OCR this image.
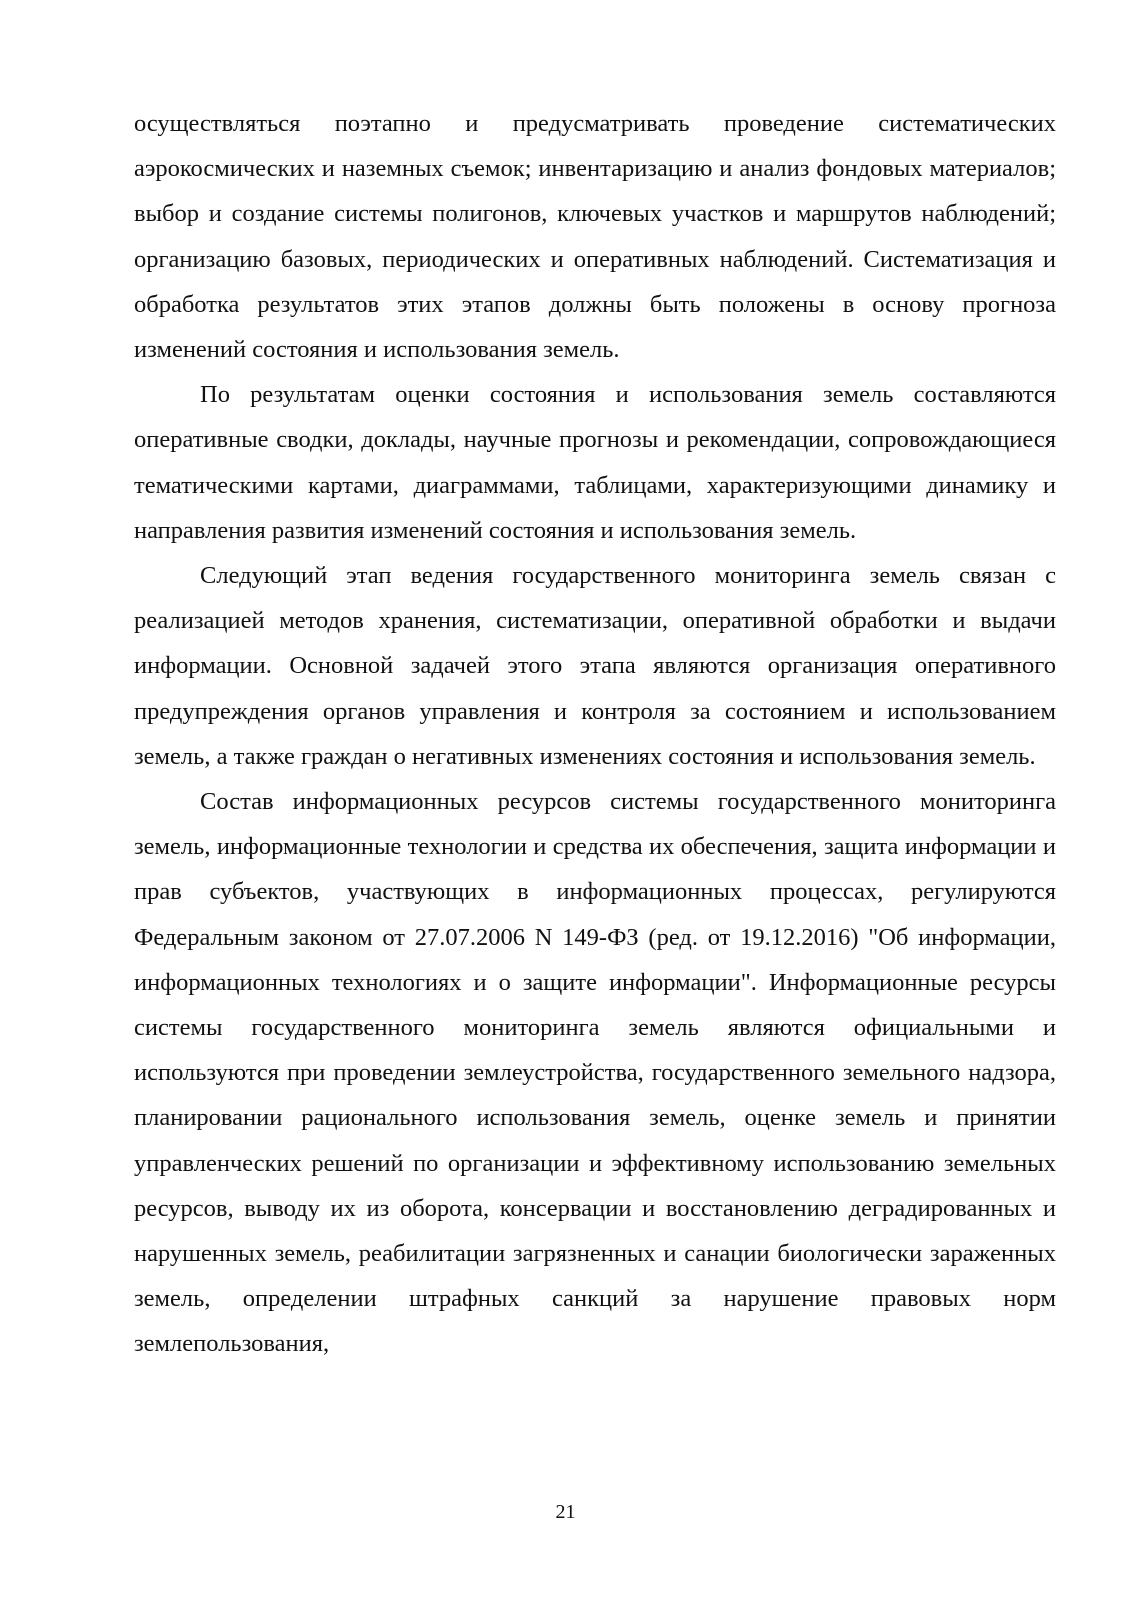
осуществляться поэтапно и предусматривать проведение систематических аэрокосмических и наземных съемок; инвентаризацию и анализ фондовых материалов; выбор и создание системы полигонов, ключевых участков и маршрутов наблюдений; организацию базовых, периодических и оперативных наблюдений. Систематизация и обработка результатов этих этапов должны быть положены в основу прогноза изменений состояния и использования земель.

По результатам оценки состояния и использования земель составляются оперативные сводки, доклады, научные прогнозы и рекомендации, сопровождающиеся тематическими картами, диаграммами, таблицами, характеризующими динамику и направления развития изменений состояния и использования земель.

Следующий этап ведения государственного мониторинга земель связан с реализацией методов хранения, систематизации, оперативной обработки и выдачи информации. Основной задачей этого этапа являются организация оперативного предупреждения органов управления и контроля за состоянием и использованием земель, а также граждан о негативных изменениях состояния и использования земель.

Состав информационных ресурсов системы государственного мониторинга земель, информационные технологии и средства их обеспечения, защита информации и прав субъектов, участвующих в информационных процессах, регулируются Федеральным законом от 27.07.2006 N 149-ФЗ (ред. от 19.12.2016) "Об информации, информационных технологиях и о защите информации". Информационные ресурсы системы государственного мониторинга земель являются официальными и используются при проведении землеустройства, государственного земельного надзора, планировании рационального использования земель, оценке земель и принятии управленческих решений по организации и эффективному использованию земельных ресурсов, выводу их из оборота, консервации и восстановлению деградированных и нарушенных земель, реабилитации загрязненных и санации биологически зараженных земель, определении штрафных санкций за нарушение правовых норм землепользования,

21
